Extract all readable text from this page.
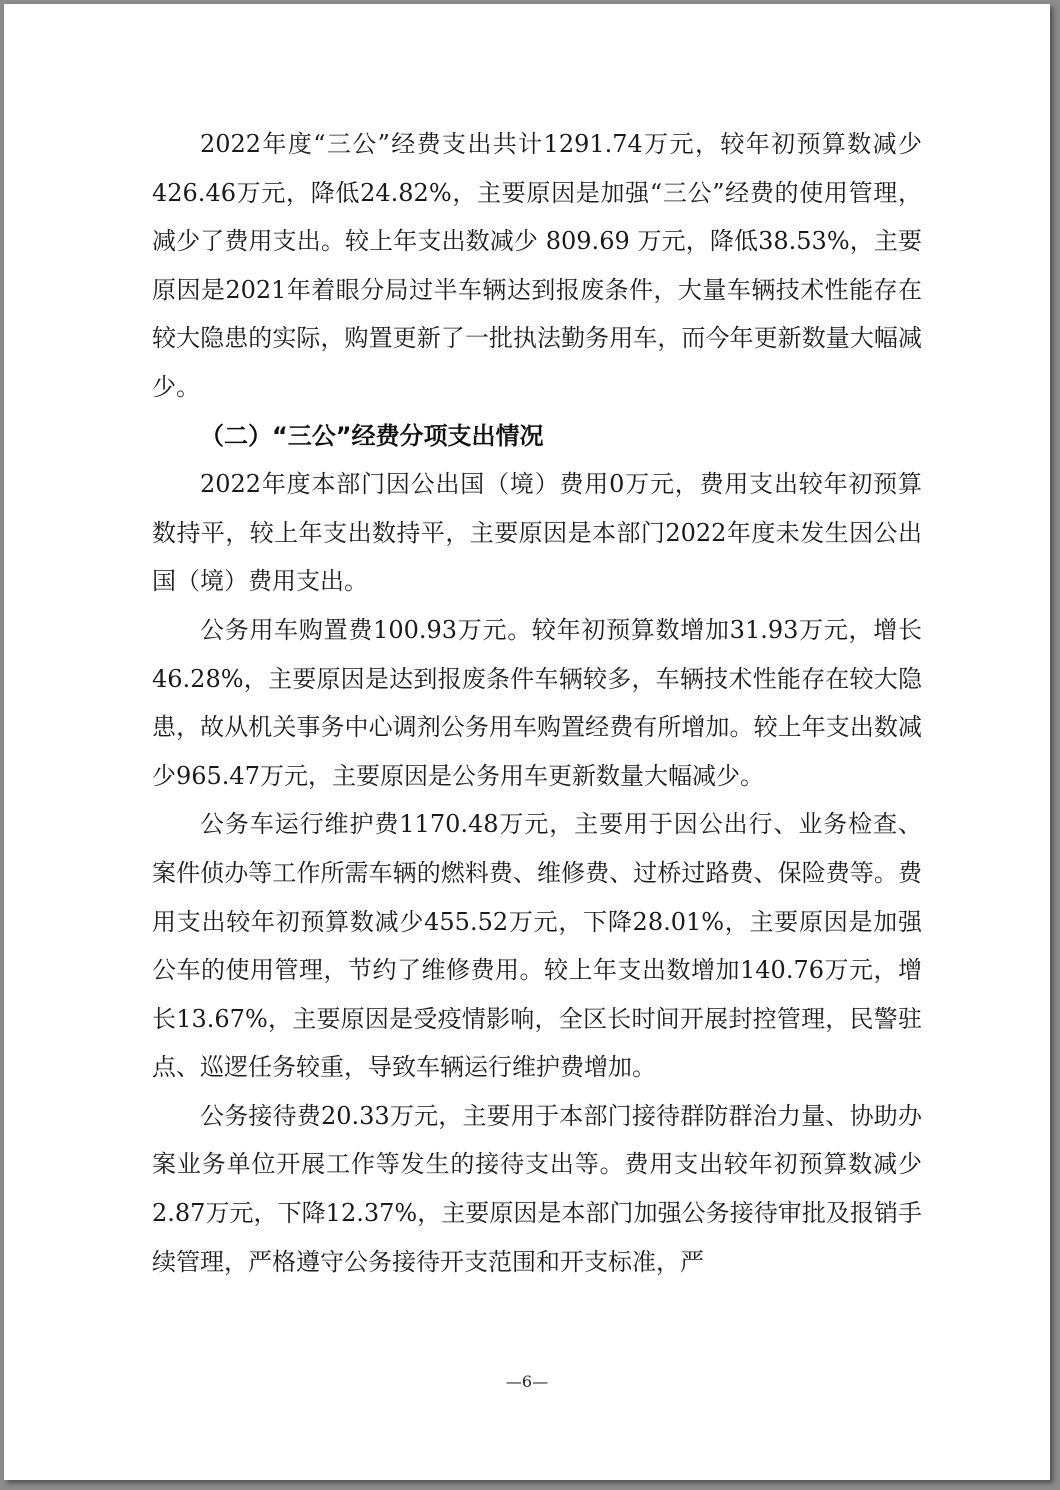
2022年度“三公”经费支出共计1291.74万元，较年初预算数减少426.46万元，降低24.82%，主要原因是加强“三公”经费的使用管理，减少了费用支出。较上年支出数减少 809.69 万元，降低38.53%，主要原因是2021年着眼分局过半车辆达到报废条件，大量车辆技术性能存在较大隐患的实际，购置更新了一批执法勤务用车，而今年更新数量大幅减少。

（二）“三公”经费分项支出情况

2022年度本部门因公出国（境）费用0万元，费用支出较年初预算数持平，较上年支出数持平，主要原因是本部门2022年度未发生因公出国（境）费用支出。

公务用车购置费100.93万元。较年初预算数增加31.93万元，增长46.28%，主要原因是达到报废条件车辆较多，车辆技术性能存在较大隐患，故从机关事务中心调剂公务用车购置经费有所增加。较上年支出数减少965.47万元，主要原因是公务用车更新数量大幅减少。

公务车运行维护费1170.48万元，主要用于因公出行、业务检查、案件侦办等工作所需车辆的燃料费、维修费、过桥过路费、保险费等。费用支出较年初预算数减少455.52万元，下降28.01%，主要原因是加强公车的使用管理，节约了维修费用。较上年支出数增加140.76万元，增长13.67%，主要原因是受疫情影响，全区长时间开展封控管理，民警驻点、巡逻任务较重，导致车辆运行维护费增加。

公务接待费20.33万元，主要用于本部门接待群防群治力量、协助办案业务单位开展工作等发生的接待支出等。费用支出较年初预算数减少2.87万元，下降12.37%，主要原因是本部门加强公务接待审批及报销手续管理，严格遵守公务接待开支范围和开支标准，严

—6—
